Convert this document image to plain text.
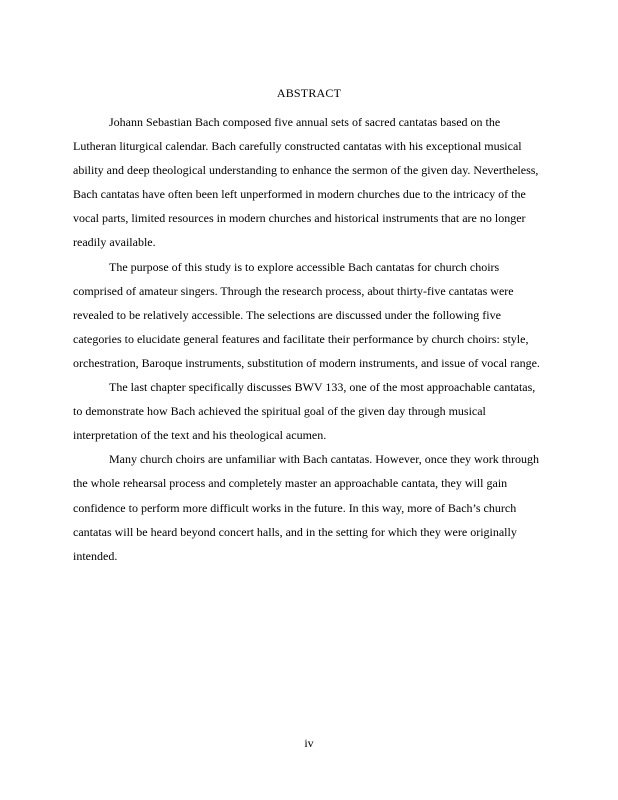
ABSTRACT

Johann Sebastian Bach composed five annual sets of sacred cantatas based on the
Lutheran liturgical calendar. Bach carefully constructed cantatas with his exceptional musical
ability and deep theological understanding to enhance the sermon of the given day. Nevertheless,
Bach cantatas have often been left unperformed in modern churches due to the intricacy of the
vocal parts, limited resources in modern churches and historical instruments that are no longer
readily available.

The purpose of this study is to explore accessible Bach cantatas for church choirs
comprised of amateur singers. Through the research process, about thirty-five cantatas were
revealed to be relatively accessible. The selections are discussed under the following five
categories to elucidate general features and facilitate their performance by church choirs: style,
orchestration, Baroque instruments, substitution of modern instruments, and issue of vocal range.

The last chapter specifically discusses BWV 133, one of the most approachable cantatas,
to demonstrate how Bach achieved the spiritual goal of the given day through musical
interpretation of the text and his theological acumen.

Many church choirs are unfamiliar with Bach cantatas. However, once they work through
the whole rehearsal process and completely master an approachable cantata, they will gain
confidence to perform more difficult works in the future. In this way, more of Bach’s church
cantatas will be heard beyond concert halls, and in the setting for which they were originally
intended.

iv
